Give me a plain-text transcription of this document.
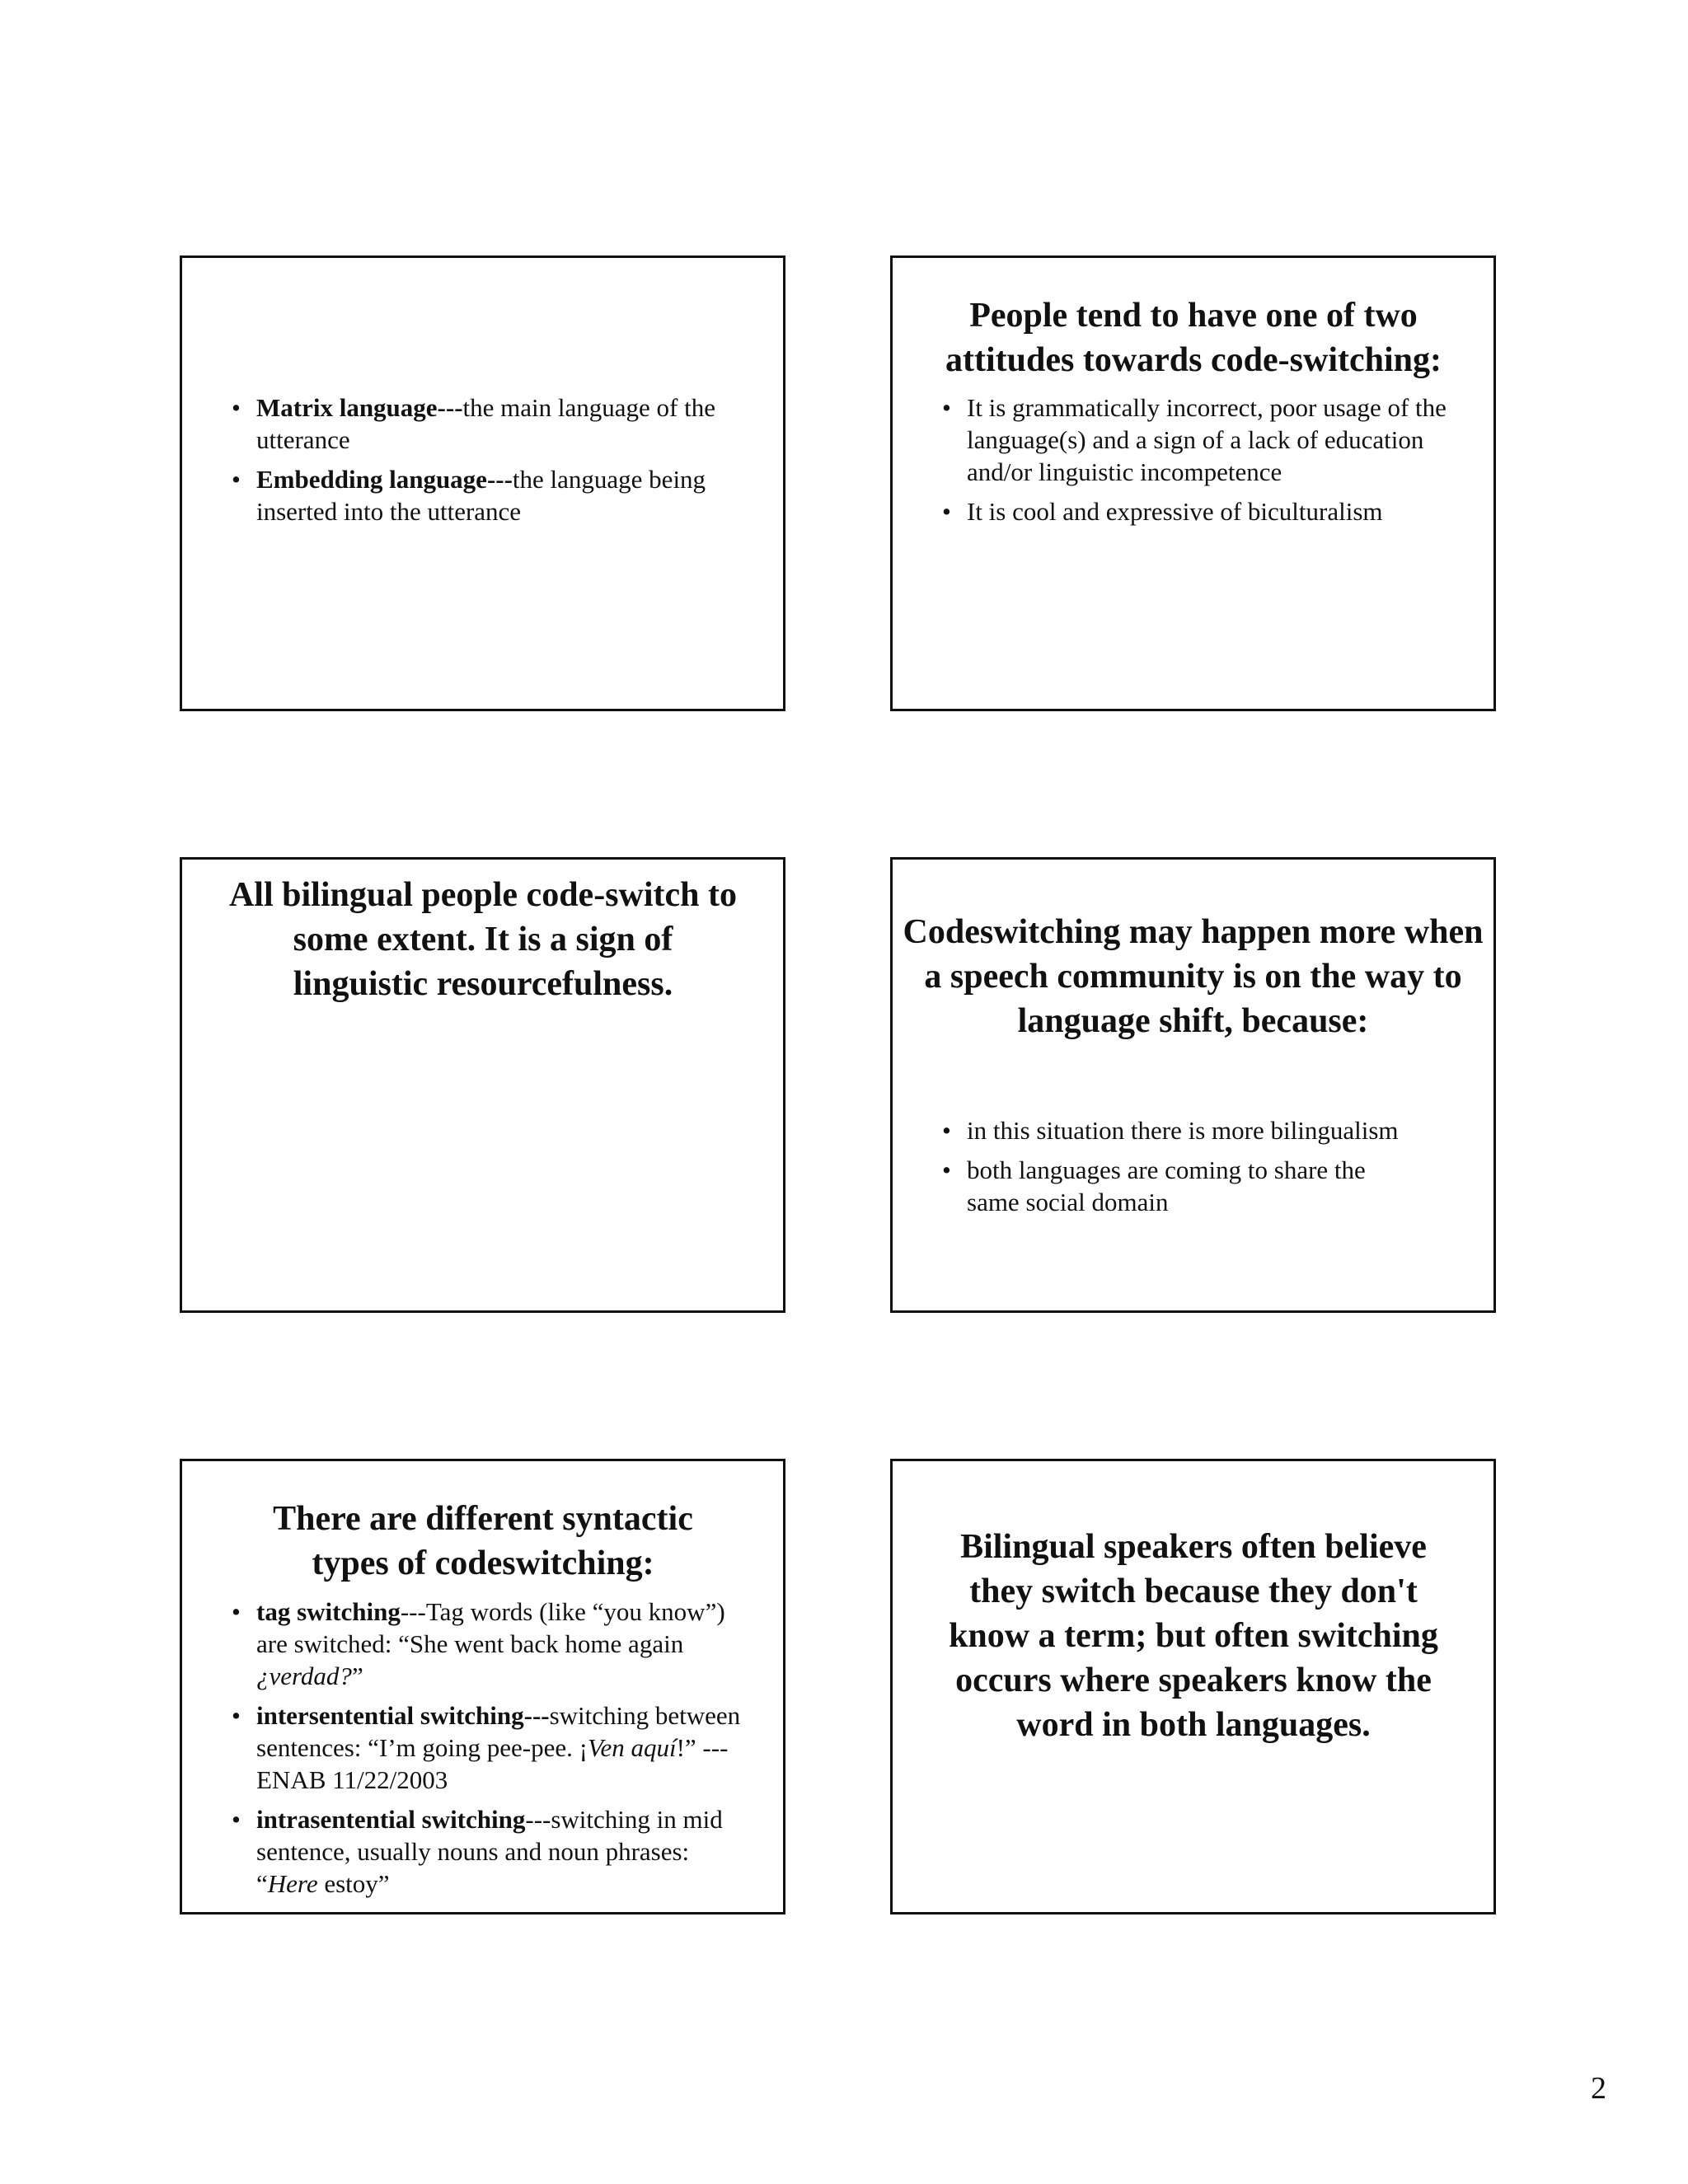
• Matrix language---the main language of the utterance
• Embedding language---the language being inserted into the utterance
People tend to have one of two attitudes towards code-switching:
• It is grammatically incorrect, poor usage of the language(s) and a sign of a lack of education and/or linguistic incompetence
• It is cool and expressive of biculturalism
All bilingual people code-switch to some extent. It is a sign of linguistic resourcefulness.
Codeswitching may happen more when a speech community is on the way to language shift, because:
• in this situation there is more bilingualism
• both languages are coming to share the same social domain
There are different syntactic types of codeswitching:
• tag switching---Tag words (like “you know”) are switched: “She went back home again ¿verdad?”
• intersentential switching---switching between sentences: “I’m going pee-pee. ¡Ven aquí!” ---ENAB 11/22/2003
• intrasentential switching---switching in mid sentence, usually nouns and noun phrases: “Here estoy”
Bilingual speakers often believe they switch because they don't know a term; but often switching occurs where speakers know the word in both languages.
2
